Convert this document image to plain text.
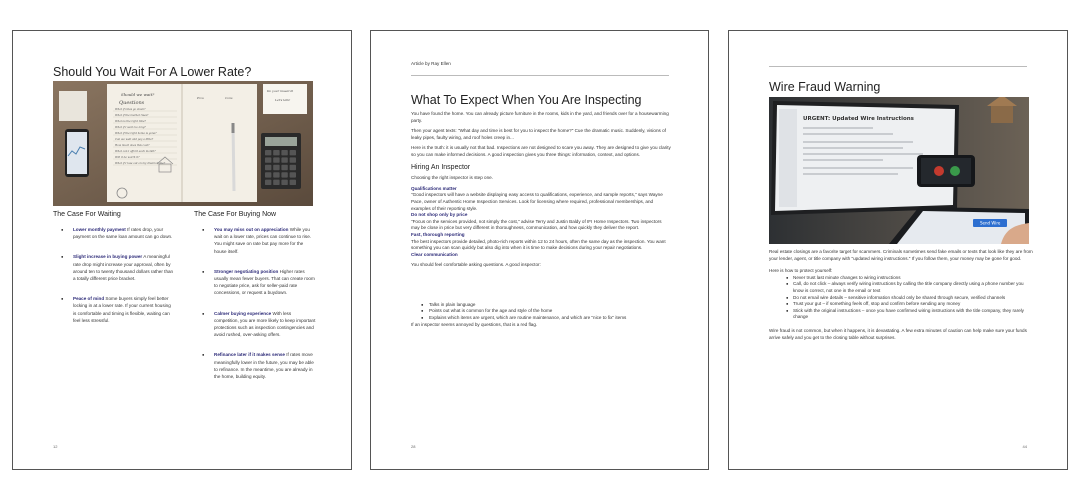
Should You Wait For A Lower Rate?
Should we wait?
Questions
What if rates go down?
What if the market rises?
When is the right time?
What if I wait too long?
What if the right home is gone?
Can we wait and pay a little?
How much does this cost?
What can I afford each month?
Will it be worth it?
What if I lose out on my dream home?
Pros	Cons
Do your research
Let's talk!
The Case For Waiting
● Lower monthly payment If rates drop, your payment on the same loan amount can go down.
● Slight increase in buying power A meaningful rate drop might increase your approval, often by around ten to twenty thousand dollars rather than a totally different price bracket.
● Peace of mind Some buyers simply feel better locking in at a lower rate. If your current housing is comfortable and timing is flexible, waiting can feel less stressful.
The Case For Buying Now
● You may miss out on appreciation While you wait on a lower rate, prices can continue to rise. You might save on rate but pay more for the house itself.
● Stronger negotiating position Higher rates usually mean fewer buyers. That can create room to negotiate price, ask for seller-paid rate concessions, or request a buydown.
● Calmer buying experience With less competition, you are more likely to keep important protections such as inspection contingencies and avoid rushed, over-asking offers.
● Refinance later if it makes sense If rates move meaningfully lower in the future, you may be able to refinance. In the meantime, you are already in the home, building equity.
12
Article by Ray Ellen
What To Expect When You Are Inspecting

You have found the home. You can already picture furniture in the rooms, kids in the yard, and friends over for a housewarming party.

Then your agent texts: "What day and time is best for you to inspect the home?" Cue the dramatic music. Suddenly, visions of leaky pipes, faulty wiring, and roof holes creep in...

Here is the truth: it is usually not that bad. Inspections are not designed to scare you away. They are designed to give you clarity so you can make informed decisions. A good inspection gives you three things: information, context, and options.

Hiring An Inspector

Choosing the right inspector is step one.

Qualifications matter
"Good inspectors will have a website displaying easy access to qualifications, experience, and sample reports," says Wayne Pace, owner of Authentic Home Inspection Services. Look for licensing where required, professional memberships, and examples of their reporting style.
Do not shop only by price
"Focus on the services provided, not simply the cost," advise Terry and Justin Baldy of IFI Home Inspectors. Two inspectors may be close in price but very different in thoroughness, communication, and how quickly they deliver the report.
Fast, thorough reporting
The best inspectors provide detailed, photo-rich reports within 12 to 24 hours, often the same day as the inspection. You want something you can scan quickly but also dig into when it is time to make decisions during your repair negotiations.
Clear communication
You should feel comfortable asking questions. A good inspector:
● Talks in plain language
● Points out what is common for the age and style of the home
● Explains which items are urgent, which are routine maintenance, and which are "nice to fix" items

If an inspector seems annoyed by questions, that is a red flag.

28
Wire Fraud Warning
URGENT: Updated Wire Instructions
Send Wire

Real estate closings are a favorite target for scammers. Criminals sometimes send fake emails or texts that look like they are from your lender, agent, or title company with "updated wiring instructions." If you follow them, your money may be gone for good.

Here is how to protect yourself:
● Never trust last minute changes to wiring instructions
● Call, do not click – always verify wiring instructions by calling the title company directly using a phone number you know is correct, not one in the email or text
● Do not email wire details – sensitive information should only be shared through secure, verified channels
● Trust your gut – if something feels off, stop and confirm before sending any money
● Stick with the original instructions – once you have confirmed wiring instructions with the title company, they rarely change

Wire fraud is not common, but when it happens, it is devastating. A few extra minutes of caution can help make sure your funds arrive safely and you get to the closing table without surprises.

44
